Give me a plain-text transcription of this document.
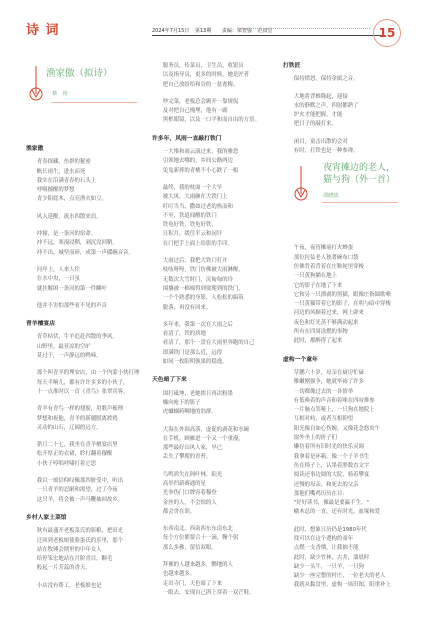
诗 词	2024年7月15日 第13期 责编：梁智强 范叔堂	15
渔家傲（拟诗）
蔡　涛
渔家傲

青春探藏，鱼群的秘密

帆长雨生，进水而死

我实在沿满青春的石头上

呼吸撼醒的梦想

青少阳底木，点亮渔火如豆。

风入延醒，流水四散来浪。

冲撞，是一条河的宿命。

冲不远，寒漫浸鞘，剥沉没回鞘。

冲不出，城坚而碎，成第一声碟碗音音。

河岸上，人来人往

在水中央，一只虽

就挂解困一条河的第一件鳞叶

他并不害怕那些看不见的声音

青羊檀宴店

青草枯伏，牛羊追赶四散的季风，

山野里，最亚凉的空旷

莫过于，一声静远的鸭啼。

那个叫青羊的埋安店，由一个内蒙小伙打理

每天半晌儿，都有许许多多的小伙子，

十一点准时以一首《青鸟》张翠宾客。

青羊有青鸟一样的翅膀，用歌声梳理

梦想和祝他，青羊的新疆脱离渡鸦

灵动的山石，辽阔的远方。

猎月二十七，我坐在青羊檀宴店里

松开厚正的衣裙，聆打翻着穆醒

小伙子哼唱呼啸打着它思

我以一颂信仰叹佩那四脏受中，听出

一只青羊的忍耐和渴望，过了今夜

这只羊，将会被一声马鞭抽回故乡。

乡村人家土菜馆

秋有最盛开老板菜氏的影粮，把田光

迁回到老板娘使脸蛋氏的乐里，那个

站在牧锤会期里的中年女人

给停笨宏地站在月阶青目，颗毛

般起一片芳蕊的香天。

小店没有帮工，老板娘也是

服务员，传菜员，卫生员，收银员

以及指导员，更多的时候，她是匠者

把自己放纷给和谷的一盆雀梅。

吵完菜，老板总会顾开一靠规侃

及对把自己掩埋，他有一副

黑框眼镜，以及一口平和而自由的方语。

许多年，风雨一直敲打铁门

一大堆和雨云滚过来，我的雅恐

引领她去哪的，乡间公路两边

兔兔新摔的青桃不小心跌了一根

最终，我的枕面一个大早

被大风，大雨砸在大铁门上

叮叮当当，撒如过老的热而和

不至，铁道闻醒的铁门

铁龟好铁，铁龟好铁，

日积月，缓住半云和闵圩

在门把手上面上给影的手印。

大雨过后，我把大铁门打开

吱吱呀呀，铁门仿佛被大雨淋醒，

无数次大雪时门，沉甸甸的玲

围攘被一棉棉得到要爬到的铁门，

一个个熟悉的身影，人松松的搞筑

脱落，再没有回来。

多年来，我第一次在大雨之后

看清了，铁的质地

看清了，那个一盘在大雨里奔跑的自己

即满铁门是那么近，远得

如同一枚阳明孰果的稳逸。

天色暗了下来

围打砥坤，老她挨日再次粉墨

燥向呛下的影子

虎蛐蝈药啊地的翁群。

大海在外围高落，虚促的剥花和水碗

在手机，顾雁进一个又一个重漫，

那些最好山风人家，早已

丢失了攀爬的青苔。

鸟鸣鸿失在阿叶林，阳光

高举凹新赛通的星

光拳伪门口牌容着穆登

金丝的人，不会惊的人

都会舍在训。

东西南北，西南西东东南东北

每个方位都要合十一滴，鞠个躬

那么多佛，留信双眼。

拜佛的人越来越多，黝地的人

也越来越多。

走出寺门，天色暗了下来

一眼去，安现自己斟上穿着一双芒鞋。

打铁匠

保持愤怒，保持金属之音。

大地将背椎隆起，迎接

水的静默之声，四射都熟了

炉火才能把握，才能

把日子的敲打来。

闭目，童击出散的会对

有时，打铁也是一种参禅。

夜宵摊边的老人，猫与狗（外一首）
谭晓淡

午夜，夜宵摊前打火蝉蛋

那位拉弦老人独著碗布口袋

仿佛背着背着在庄鞍姹里穿梭

一只黄狗躺在地上

它的影子在地了下来

它和另一只漂剥的黑猫，眼像庄指圆歌嘹

一只黄猫带着它的影子，在明与暗中穿梭

河边的风顺着过来，网上辟来

夜色和灯光蒸不够满动起来

所有在四周涂燃的事物

此时，都醉得了起来

虚构一个童年

草鹏六十岁，母亲在厨房忙碌

稚嫩刚强争，她就毕裕了许多

一切都像过去的一各情举

有低唤着的声音和着咪在四叹推参

一片脑点笑哑上，一只狗在地院上

互相对峙，或者互相抑望

阳光像自如心伤婉，又像花念悠央午

窗外坐上的折子们

懒仿着所有旧时光的快乐灵调

我拿着是环箱，像一个子羊书生

鱼在椅子上，认墨着胖数直文字

阅读还事边阅的大院，骑着攀宴

还慢的母亲，和死去的父亲

那他们嘴鸡历历在目：

"好好读书，像最是要赢不生。"

榆木总的一直，还有时光，血缘和爱

此时，想象日历仍是1980年代

找可以在这个逻构的童年

点燃一支香烟，让我抽不能

此时，缺少竹林，古井，蒲晨时

缺少一头牛，一只羊，一只狗

缺少一座完整的村庄，一位老夫的老人

我就从黏盘里，虚构一场旧图，阳重补上
